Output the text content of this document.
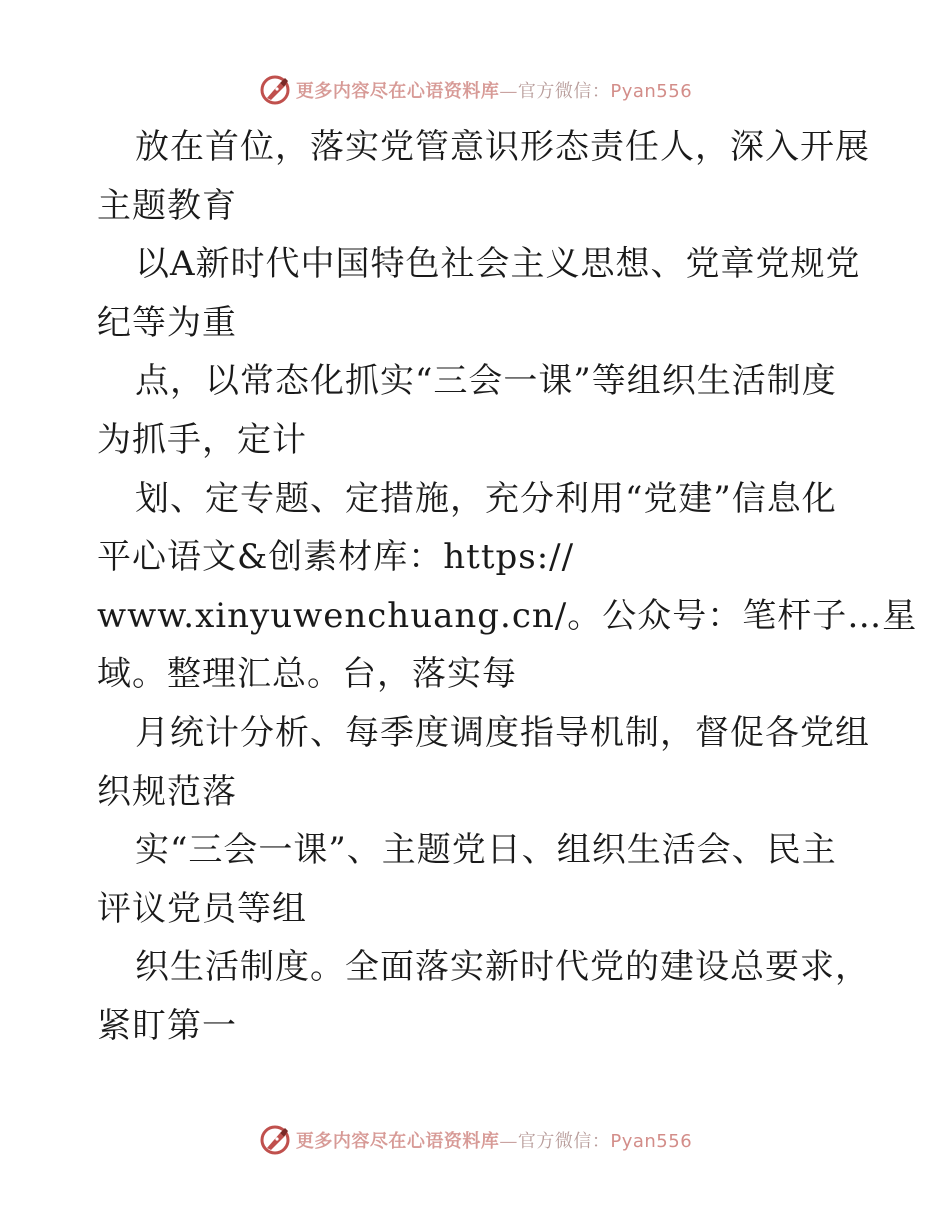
更多内容尽在心语资料库—官方微信：Pyan556
放在首位，落实党管意识形态责任人，深入开展
主题教育
以A新时代中国特色社会主义思想、党章党规党
纪等为重
点，以常态化抓实“三会一课”等组织生活制度
为抓手，定计
划、定专题、定措施，充分利用“党建”信息化
平心语文&创素材库：https://
www.xinyuwenchuang.cn/。公众号：笔杆子…星
域。整理汇总。台，落实每
月统计分析、每季度调度指导机制，督促各党组
织规范落
实“三会一课”、主题党日、组织生活会、民主
评议党员等组
织生活制度。全面落实新时代党的建设总要求，
紧盯第一
更多内容尽在心语资料库—官方微信：Pyan556
